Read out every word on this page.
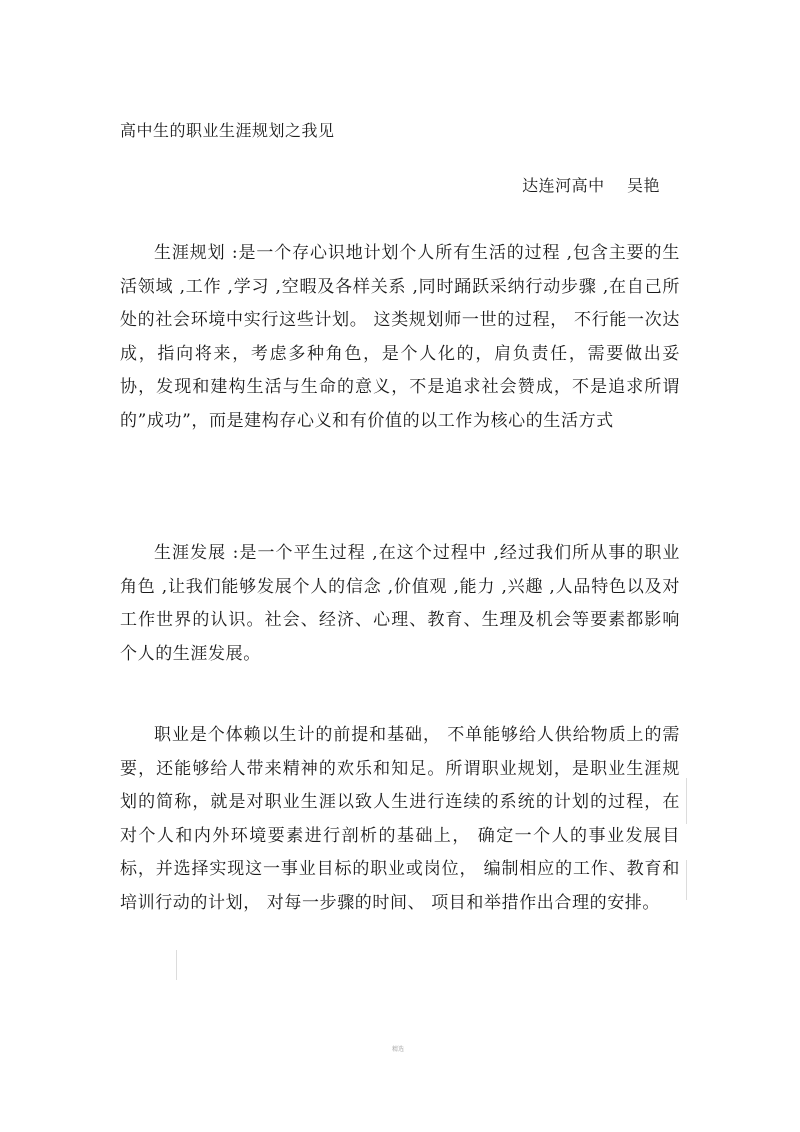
高中生的职业生涯规划之我见
达连河高中    吴艳

生涯规划 :是一个存心识地计划个人所有生活的过程 ,包含主要的生活领域 ,工作 ,学习 ,空暇及各样关系 ,同时踊跃采纳行动步骤 ,在自己所处的社会环境中实行这些计划。 这类规划师一世的过程， 不行能一次达成，指向将来，考虑多种角色，是个人化的，肩负责任，需要做出妥协，发现和建构生活与生命的意义，不是追求社会赞成，不是追求所谓的”成功”，而是建构存心义和有价值的以工作为核心的生活方式

生涯发展 :是一个平生过程 ,在这个过程中 ,经过我们所从事的职业角色 ,让我们能够发展个人的信念 ,价值观 ,能力 ,兴趣 ,人品特色以及对工作世界的认识。社会、经济、心理、教育、生理及机会等要素都影响个人的生涯发展。

职业是个体赖以生计的前提和基础， 不单能够给人供给物质上的需要，还能够给人带来精神的欢乐和知足。所谓职业规划，是职业生涯规划的简称，就是对职业生涯以致人生进行连续的系统的计划的过程，在对个人和内外环境要素进行剖析的基础上， 确定一个人的事业发展目标，并选择实现这一事业目标的职业或岗位， 编制相应的工作、教育和培训行动的计划， 对每一步骤的时间、 项目和举措作出合理的安排。

精选
